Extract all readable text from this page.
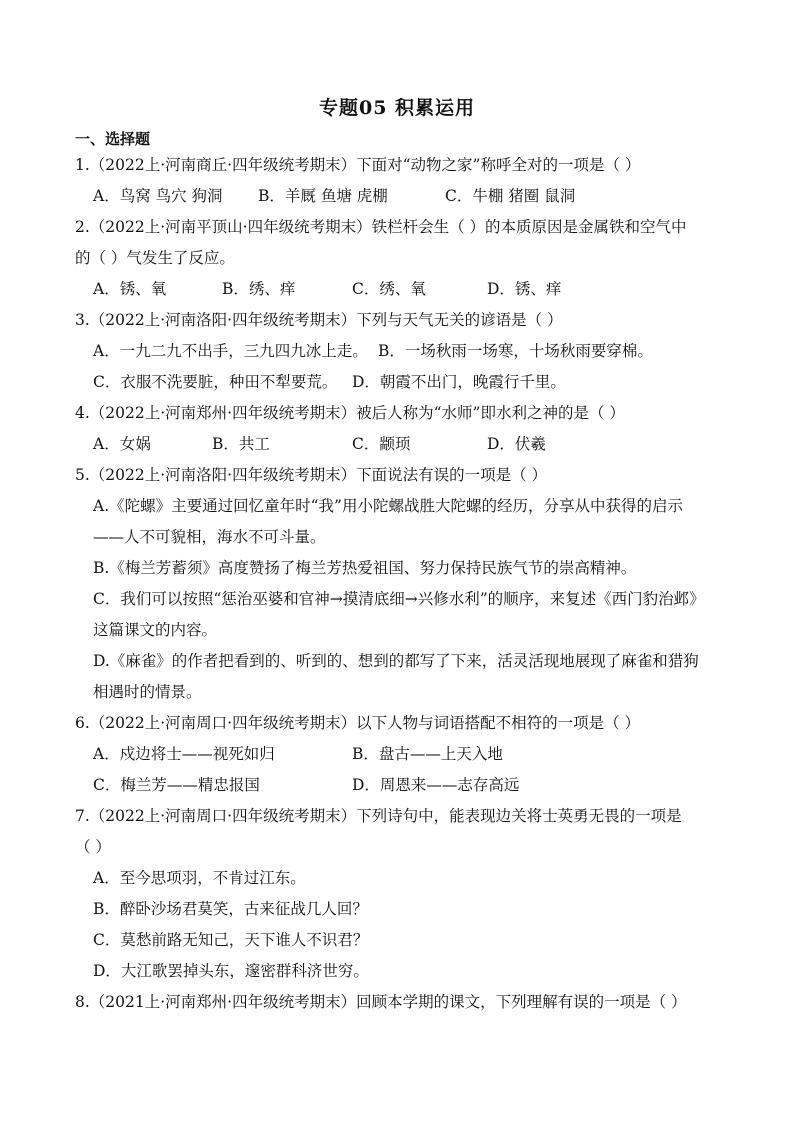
专题05 积累运用
一、选择题
1.（2022上·河南商丘·四年级统考期末）下面对“动物之家”称呼全对的一项是（ ）
A．鸟窝 鸟穴 狗洞 B．羊厩 鱼塘 虎棚	C．牛棚 猪圈 鼠洞
2.（2022上·河南平顶山·四年级统考期末）铁栏杆会生（ ）的本质原因是金属铁和空气中
的（ ）气发生了反应。
A．锈、氧	B．绣、痒	C．绣、氧	D．锈、痒
3.（2022上·河南洛阳·四年级统考期末）下列与天气无关的谚语是（ ）
A．一九二九不出手，三九四九冰上走。 B．一场秋雨一场寒，十场秋雨要穿棉。
C．衣服不洗要脏，种田不犁要荒。 D．朝霞不出门，晚霞行千里。
4.（2022上·河南郑州·四年级统考期末）被后人称为“水师”即水利之神的是（ ）
A．女娲	B．共工	C．颛顼	D．伏羲
5.（2022上·河南洛阳·四年级统考期末）下面说法有误的一项是（ ）
A.《陀螺》主要通过回忆童年时“我”用小陀螺战胜大陀螺的经历，分享从中获得的启示
——人不可貌相，海水不可斗量。
B.《梅兰芳蓄须》高度赞扬了梅兰芳热爱祖国、努力保持民族气节的崇高精神。
C．我们可以按照“惩治巫婆和官神→摸清底细→兴修水利”的顺序，来复述《西门豹治邺》
这篇课文的内容。
D.《麻雀》的作者把看到的、听到的、想到的都写了下来，活灵活现地展现了麻雀和猎狗
相遇时的情景。
6.（2022上·河南周口·四年级统考期末）以下人物与词语搭配不相符的一项是（ ）
A．戍边将士——视死如归	B．盘古——上天入地
C．梅兰芳——精忠报国	D．周恩来——志存高远
7.（2022上·河南周口·四年级统考期末）下列诗句中，能表现边关将士英勇无畏的一项是
（ ）
A．至今思项羽，不肯过江东。
B．醉卧沙场君莫笑，古来征战几人回？
C．莫愁前路无知己，天下谁人不识君？
D．大江歌罢掉头东，邃密群科济世穷。
8.（2021上·河南郑州·四年级统考期末）回顾本学期的课文，下列理解有误的一项是（ ）
